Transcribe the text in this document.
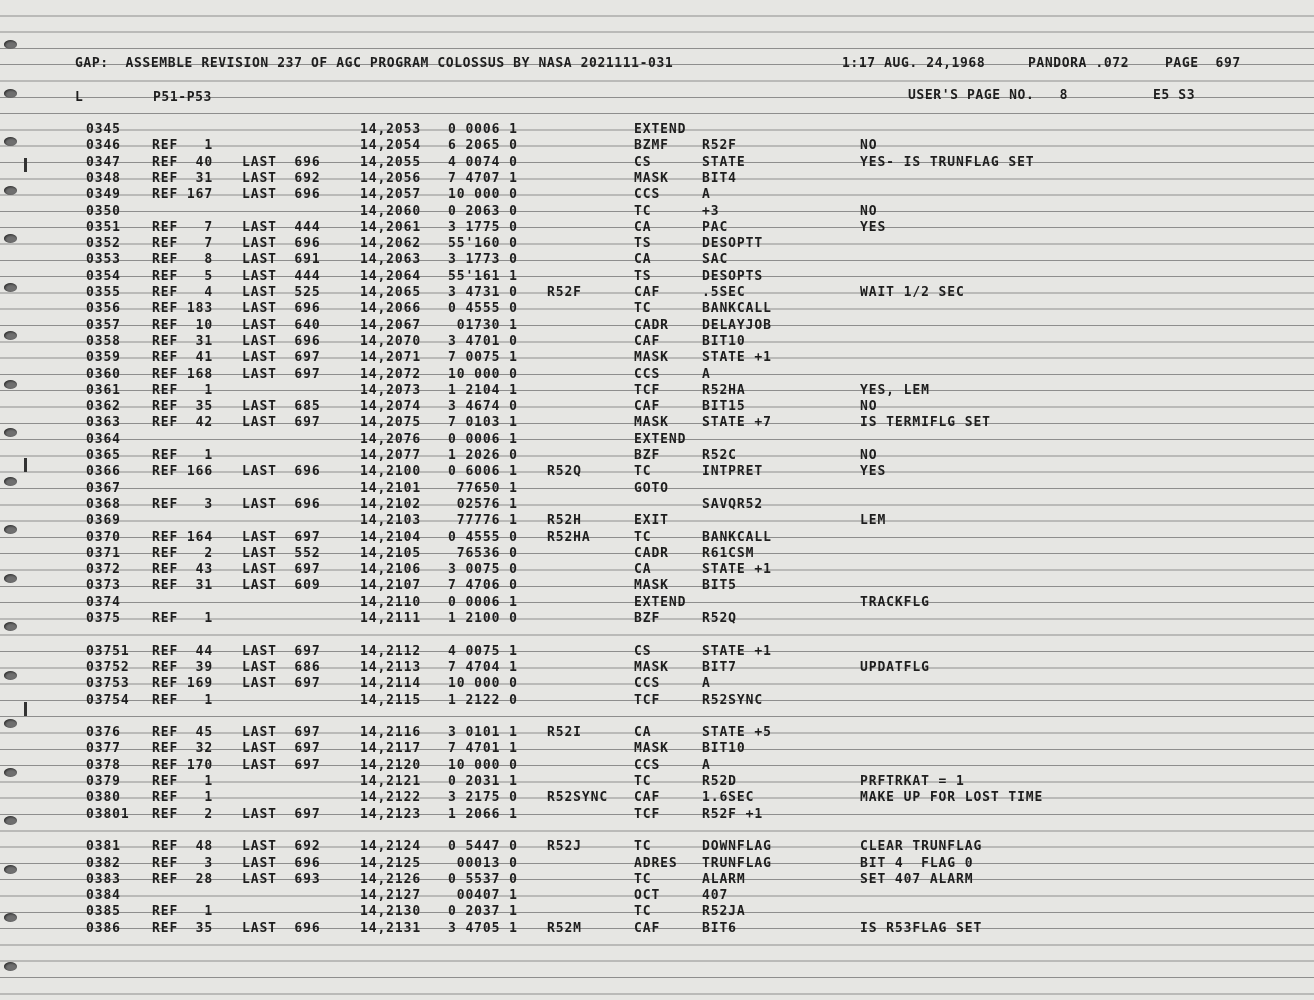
GAP:  ASSEMBLE REVISION 237 OF AGC PROGRAM COLOSSUS BY NASA 2021111-031	1:17 AUG. 24,1968	PANDORA .072	PAGE  697
L	P51-P53	USER'S PAGE NO.   8	E5 S3
0345	14,2053 0 0006 1	EXTEND
0346 REF   1	14,2054 6 2065 0	BZMF	R52F	NO
0347 REF  40 LAST  696	14,2055 4 0074 0	CS	STATE	YES- IS TRUNFLAG SET
0348 REF  31 LAST  692	14,2056 7 4707 1	MASK	BIT4
0349 REF 167 LAST  696	14,2057 10 000 0	CCS	A
0350	14,2060 0 2063 0	TC	+3	NO
0351 REF   7 LAST  444	14,2061 3 1775 0	CA	PAC	YES
0352 REF   7 LAST  696	14,2062 55'160 0	TS	DESOPTT
0353 REF   8 LAST  691	14,2063 3 1773 0	CA	SAC
0354 REF   5 LAST  444	14,2064 55'161 1	TS	DESOPTS
0355 REF   4 LAST  525	14,2065 3 4731 0 R52F	CAF	.5SEC	WAIT 1/2 SEC
0356 REF 183 LAST  696	14,2066 0 4555 0	TC	BANKCALL
0357 REF  10 LAST  640	14,2067 01730 1	CADR	DELAYJOB
0358 REF  31 LAST  696	14,2070 3 4701 0	CAF	BIT10
0359 REF  41 LAST  697	14,2071 7 0075 1	MASK	STATE +1
0360 REF 168 LAST  697	14,2072 10 000 0	CCS	A
0361 REF   1	14,2073 1 2104 1	TCF	R52HA	YES, LEM
0362 REF  35 LAST  685	14,2074 3 4674 0	CAF	BIT15	NO
0363 REF  42 LAST  697	14,2075 7 0103 1	MASK	STATE +7	IS TERMIFLG SET
0364	14,2076 0 0006 1	EXTEND
0365 REF   1	14,2077 1 2026 0	BZF	R52C	NO
0366 REF 166 LAST  696	14,2100 0 6006 1 R52Q	TC	INTPRET	YES
0367	14,2101 77650 1	GOTO
0368 REF   3 LAST  696	14,2102 02576 1	SAVQR52
0369	14,2103 77776 1 R52H	EXIT	LEM
0370 REF 164 LAST  697	14,2104 0 4555 0 R52HA	TC	BANKCALL
0371 REF   2 LAST  552	14,2105 76536 0	CADR	R61CSM
0372 REF  43 LAST  697	14,2106 3 0075 0	CA	STATE +1
0373 REF  31 LAST  609	14,2107 7 4706 0	MASK	BIT5
0374	14,2110 0 0006 1	EXTEND	TRACKFLG
0375 REF   1	14,2111 1 2100 0	BZF	R52Q
03751 REF  44 LAST  697	14,2112 4 0075 1	CS	STATE +1
03752 REF  39 LAST  686	14,2113 7 4704 1	MASK	BIT7	UPDATFLG
03753 REF 169 LAST  697	14,2114 10 000 0	CCS	A
03754 REF   1	14,2115 1 2122 0	TCF	R52SYNC
0376 REF  45 LAST  697	14,2116 3 0101 1 R52I	CA	STATE +5
0377 REF  32 LAST  697	14,2117 7 4701 1	MASK	BIT10
0378 REF 170 LAST  697	14,2120 10 000 0	CCS	A
0379 REF   1	14,2121 0 2031 1	TC	R52D	PRFTRKAT = 1
0380 REF   1	14,2122 3 2175 0 R52SYNC CAF	1.6SEC	MAKE UP FOR LOST TIME
03801 REF   2 LAST  697	14,2123 1 2066 1	TCF	R52F +1
0381 REF  48 LAST  692	14,2124 0 5447 0 R52J	TC	DOWNFLAG	CLEAR TRUNFLAG
0382 REF   3 LAST  696	14,2125 00013 0	ADRES TRUNFLAG	BIT 4  FLAG 0
0383 REF  28 LAST  693	14,2126 0 5537 0	TC	ALARM	SET 407 ALARM
0384	14,2127 00407 1	OCT	407
0385 REF   1	14,2130 0 2037 1	TC	R52JA
0386 REF  35 LAST  696	14,2131 3 4705 1 R52M	CAF	BIT6	IS R53FLAG SET
